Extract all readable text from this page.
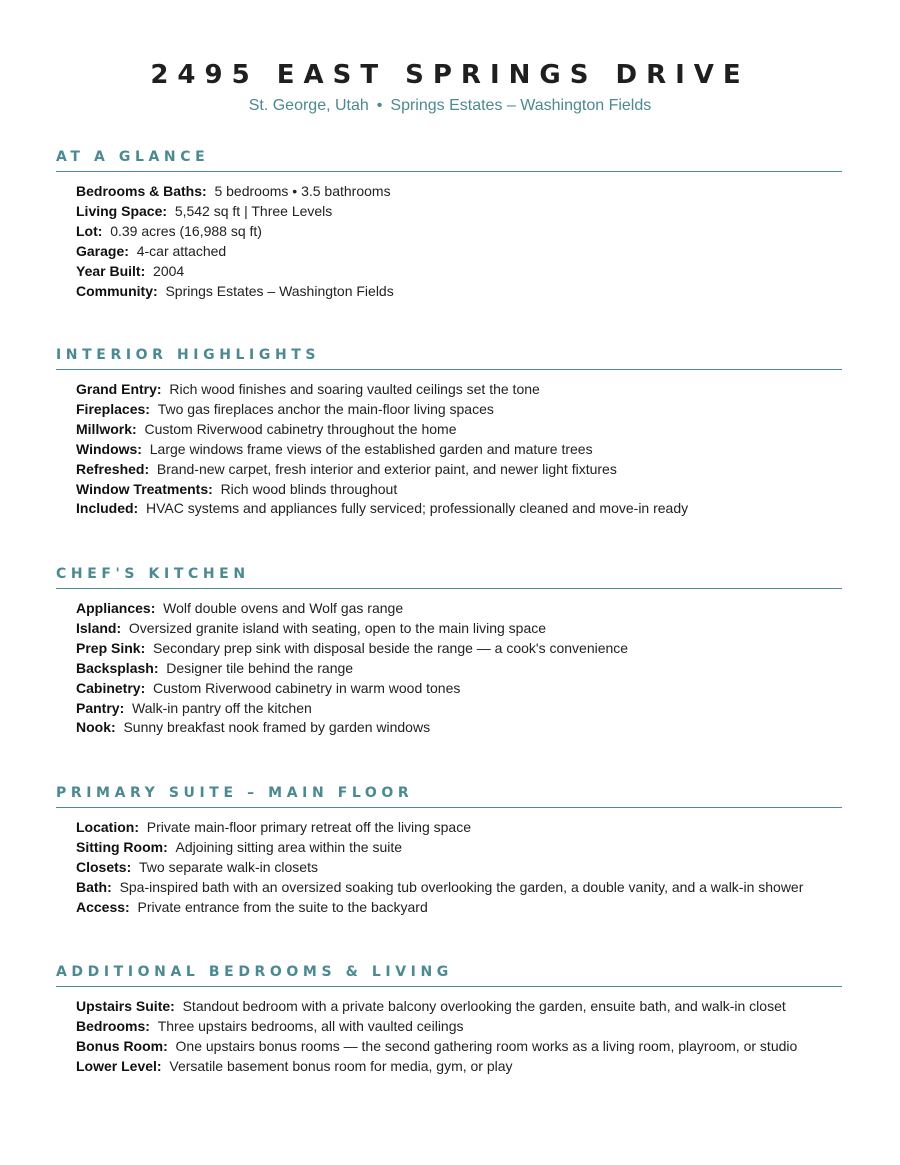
2495 EAST SPRINGS DRIVE
St. George, Utah • Springs Estates – Washington Fields
AT A GLANCE
Bedrooms & Baths: 5 bedrooms • 3.5 bathrooms
Living Space: 5,542 sq ft | Three Levels
Lot: 0.39 acres (16,988 sq ft)
Garage: 4-car attached
Year Built: 2004
Community: Springs Estates – Washington Fields
INTERIOR HIGHLIGHTS
Grand Entry: Rich wood finishes and soaring vaulted ceilings set the tone
Fireplaces: Two gas fireplaces anchor the main-floor living spaces
Millwork: Custom Riverwood cabinetry throughout the home
Windows: Large windows frame views of the established garden and mature trees
Refreshed: Brand-new carpet, fresh interior and exterior paint, and newer light fixtures
Window Treatments: Rich wood blinds throughout
Included: HVAC systems and appliances fully serviced; professionally cleaned and move-in ready
CHEF'S KITCHEN
Appliances: Wolf double ovens and Wolf gas range
Island: Oversized granite island with seating, open to the main living space
Prep Sink: Secondary prep sink with disposal beside the range — a cook's convenience
Backsplash: Designer tile behind the range
Cabinetry: Custom Riverwood cabinetry in warm wood tones
Pantry: Walk-in pantry off the kitchen
Nook: Sunny breakfast nook framed by garden windows
PRIMARY SUITE – MAIN FLOOR
Location: Private main-floor primary retreat off the living space
Sitting Room: Adjoining sitting area within the suite
Closets: Two separate walk-in closets
Bath: Spa-inspired bath with an oversized soaking tub overlooking the garden, a double vanity, and a walk-in shower
Access: Private entrance from the suite to the backyard
ADDITIONAL BEDROOMS & LIVING
Upstairs Suite: Standout bedroom with a private balcony overlooking the garden, ensuite bath, and walk-in closet
Bedrooms: Three upstairs bedrooms, all with vaulted ceilings
Bonus Room: One upstairs bonus rooms — the second gathering room works as a living room, playroom, or studio
Lower Level: Versatile basement bonus room for media, gym, or play
